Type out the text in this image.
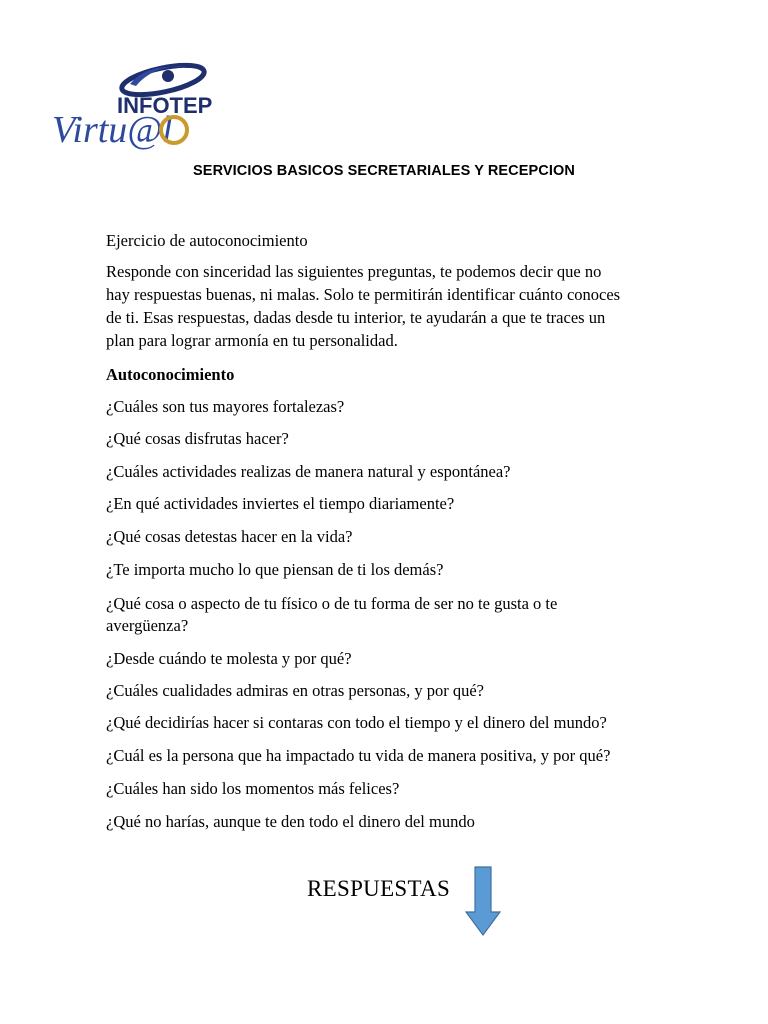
INFOTEP
Virtu@l
SERVICIOS BASICOS SECRETARIALES Y RECEPCION
Ejercicio de autoconocimiento
Responde con sinceridad las siguientes preguntas, te podemos decir que no
hay respuestas buenas, ni malas. Solo te permitirán identificar cuánto conoces
de ti. Esas respuestas, dadas desde tu interior, te ayudarán a que te traces un
plan para lograr armonía en tu personalidad.
Autoconocimiento
¿Cuáles son tus mayores fortalezas?
¿Qué cosas disfrutas hacer?
¿Cuáles actividades realizas de manera natural y espontánea?
¿En qué actividades inviertes el tiempo diariamente?
¿Qué cosas detestas hacer en la vida?
¿Te importa mucho lo que piensan de ti los demás?
¿Qué cosa o aspecto de tu físico o de tu forma de ser no te gusta o te
avergüenza?
¿Desde cuándo te molesta y por qué?
¿Cuáles cualidades admiras en otras personas, y por qué?
¿Qué decidirías hacer si contaras con todo el tiempo y el dinero del mundo?
¿Cuál es la persona que ha impactado tu vida de manera positiva, y por qué?
¿Cuáles han sido los momentos más felices?
¿Qué no harías, aunque te den todo el dinero del mundo
RESPUESTAS
